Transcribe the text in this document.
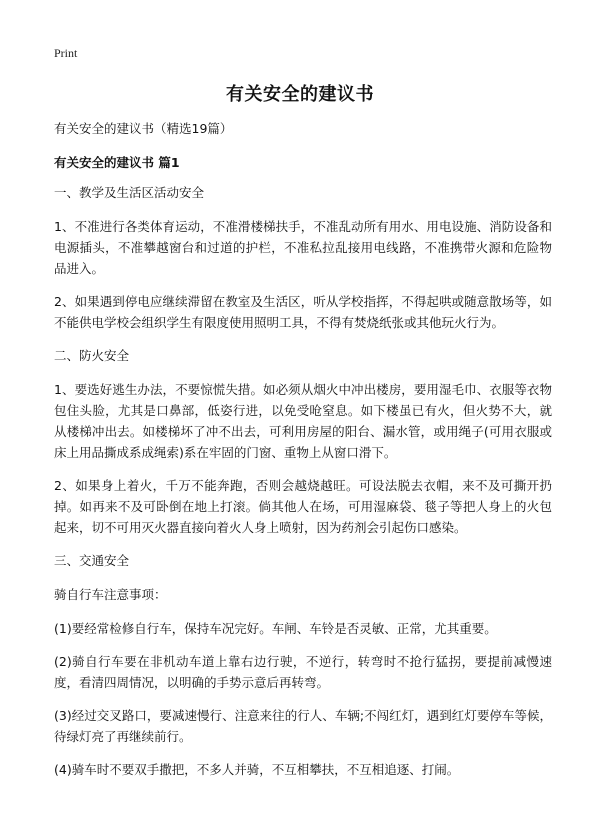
Print
有关安全的建议书
有关安全的建议书（精选19篇）
有关安全的建议书 篇1
一、教学及生活区活动安全
1、不准进行各类体育运动，不准滑楼梯扶手，不准乱动所有用水、用电设施、消防设备和电源插头，不准攀越窗台和过道的护栏，不准私拉乱接用电线路，不准携带火源和危险物品进入。
2、如果遇到停电应继续滞留在教室及生活区，听从学校指挥，不得起哄或随意散场等，如不能供电学校会组织学生有限度使用照明工具，不得有焚烧纸张或其他玩火行为。
二、防火安全
1、要选好逃生办法，不要惊慌失措。如必须从烟火中冲出楼房，要用湿毛巾、衣服等衣物包住头脸，尤其是口鼻部，低姿行进，以免受呛窒息。如下楼虽已有火，但火势不大，就从楼梯冲出去。如楼梯坏了冲不出去，可利用房屋的阳台、漏水管，或用绳子(可用衣服或床上用品撕成系成绳索)系在牢固的门窗、重物上从窗口滑下。
2、如果身上着火，千万不能奔跑，否则会越烧越旺。可设法脱去衣帽，来不及可撕开扔掉。如再来不及可卧倒在地上打滚。倘其他人在场，可用湿麻袋、毯子等把人身上的火包起来，切不可用灭火器直接向着火人身上喷射，因为药剂会引起伤口感染。
三、交通安全
骑自行车注意事项：
(1)要经常检修自行车，保持车况完好。车闸、车铃是否灵敏、正常，尤其重要。
(2)骑自行车要在非机动车道上靠右边行驶，不逆行，转弯时不抢行猛拐，要提前减慢速度，看清四周情况，以明确的手势示意后再转弯。
(3)经过交叉路口，要减速慢行、注意来往的行人、车辆;不闯红灯，遇到红灯要停车等候，待绿灯亮了再继续前行。
(4)骑车时不要双手撒把，不多人并骑，不互相攀扶，不互相追逐、打闹。
